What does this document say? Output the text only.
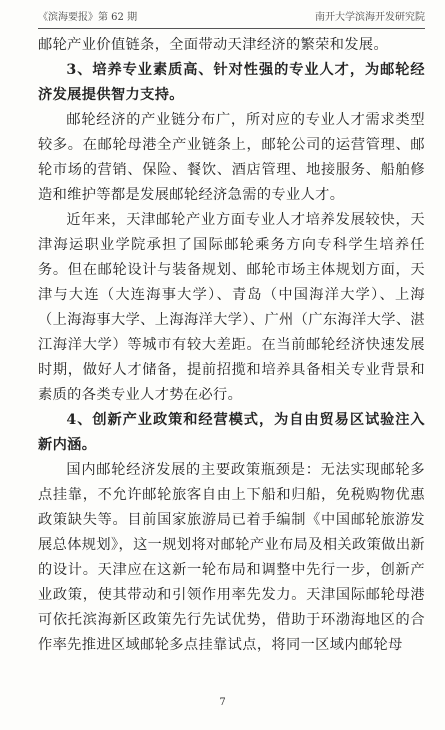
《滨海要报》第 62 期	南开大学滨海开发研究院

邮轮产业价值链条，全面带动天津经济的繁荣和发展。

3、培养专业素质高、针对性强的专业人才，为邮轮经济发展提供智力支持。

邮轮经济的产业链分布广，所对应的专业人才需求类型较多。在邮轮母港全产业链条上，邮轮公司的运营管理、邮轮市场的营销、保险、餐饮、酒店管理、地接服务、船舶修造和维护等都是发展邮轮经济急需的专业人才。

近年来，天津邮轮产业方面专业人才培养发展较快，天津海运职业学院承担了国际邮轮乘务方向专科学生培养任务。但在邮轮设计与装备规划、邮轮市场主体规划方面，天津与大连（大连海事大学）、青岛（中国海洋大学）、上海（上海海事大学、上海海洋大学）、广州（广东海洋大学、湛江海洋大学）等城市有较大差距。在当前邮轮经济快速发展时期，做好人才储备，提前招揽和培养具备相关专业背景和素质的各类专业人才势在必行。

4、创新产业政策和经营模式，为自由贸易区试验注入新内涵。

国内邮轮经济发展的主要政策瓶颈是：无法实现邮轮多点挂靠，不允许邮轮旅客自由上下船和归船，免税购物优惠政策缺失等。目前国家旅游局已着手编制《中国邮轮旅游发展总体规划》，这一规划将对邮轮产业布局及相关政策做出新的设计。天津应在这新一轮布局和调整中先行一步，创新产业政策，使其带动和引领作用率先发力。天津国际邮轮母港可依托滨海新区政策先行先试优势，借助于环渤海地区的合作率先推进区域邮轮多点挂靠试点，将同一区域内邮轮母

7
